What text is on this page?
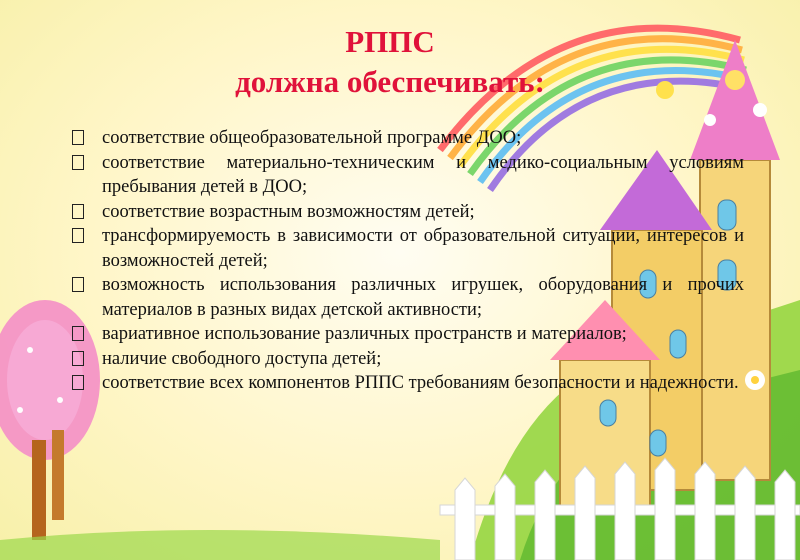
РППС
должна обеспечивать:
соответствие общеобразовательной программе ДОО;
соответствие материально-техническим и медико-социальным условиям пребывания детей в ДОО;
соответствие возрастным возможностям детей;
трансформируемость в зависимости от образовательной ситуации, интересов и возможностей детей;
возможность использования различных игрушек, оборудования и прочих материалов в разных видах детской активности;
вариативное использование различных пространств и материалов;
наличие свободного доступа детей;
соответствие всех компонентов РППС требованиям безопасности и надежности.
